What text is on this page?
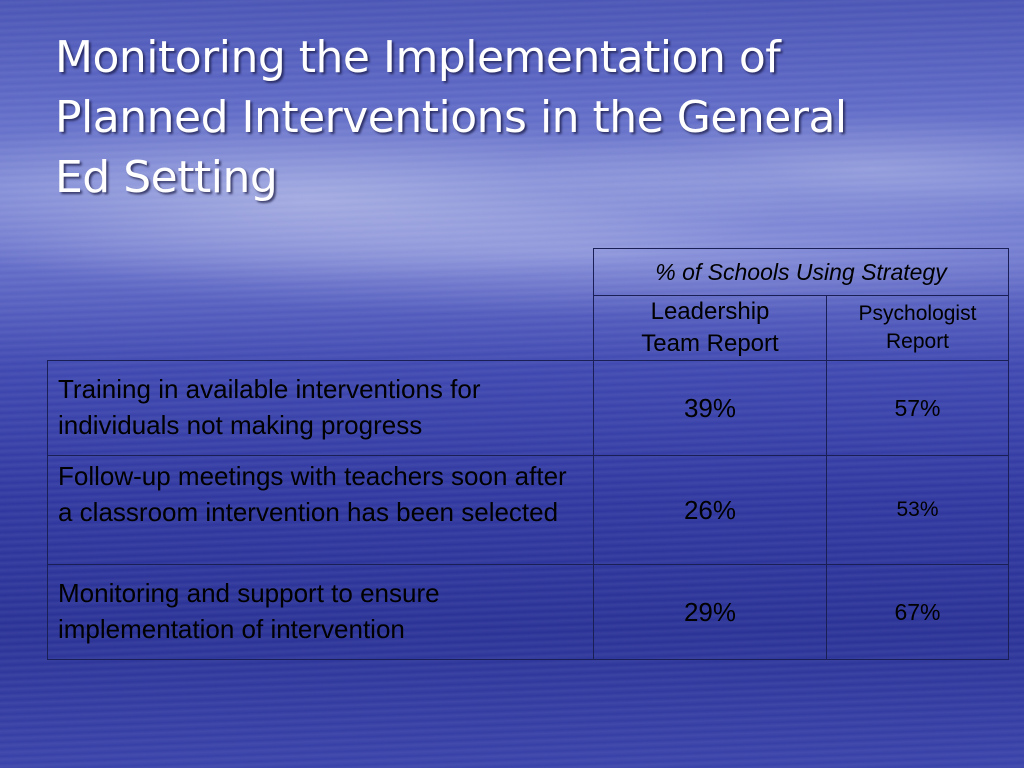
Monitoring the Implementation of
Planned Interventions in the General
Ed Setting
	% of Schools Using Strategy	

	Leadership Team Report	Psychologist Report

Training in available interventions for individuals not making progress	39%	57%
Follow-up meetings with teachers soon after a classroom intervention has been selected	26%	53%
Monitoring and support to ensure implementation of intervention	29%	67%
